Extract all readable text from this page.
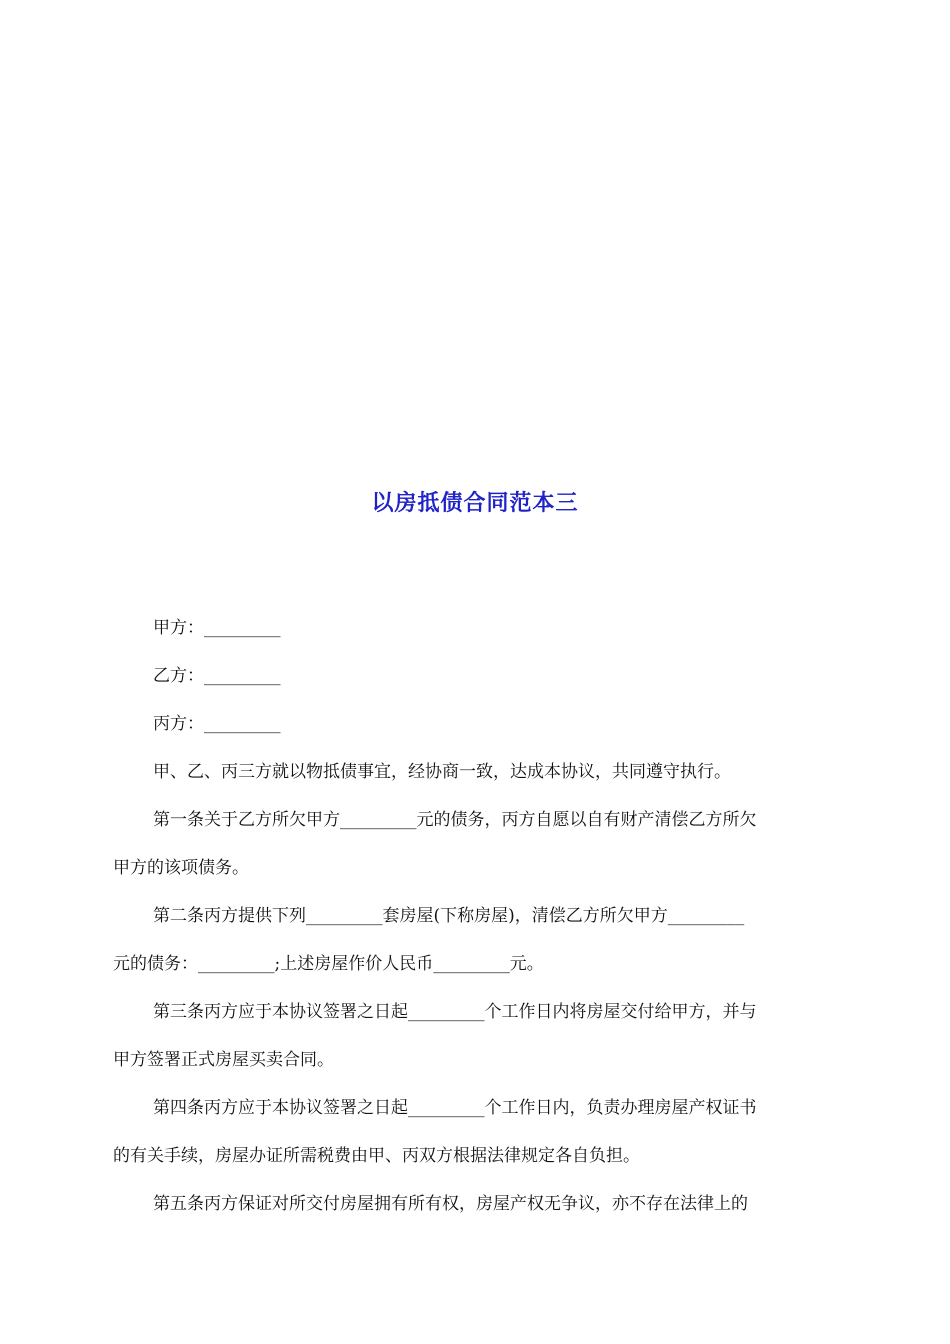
以房抵债合同范本三
甲方：_________
乙方：_________
丙方：_________
甲、乙、丙三方就以物抵债事宜，经协商一致，达成本协议，共同遵守执行。
第一条关于乙方所欠甲方_________元的债务，丙方自愿以自有财产清偿乙方所欠
甲方的该项债务。
第二条丙方提供下列_________套房屋(下称房屋)，清偿乙方所欠甲方_________
元的债务：_________;上述房屋作价人民币_________元。
第三条丙方应于本协议签署之日起_________个工作日内将房屋交付给甲方，并与
甲方签署正式房屋买卖合同。
第四条丙方应于本协议签署之日起_________个工作日内，负责办理房屋产权证书
的有关手续，房屋办证所需税费由甲、丙双方根据法律规定各自负担。
第五条丙方保证对所交付房屋拥有所有权，房屋产权无争议，亦不存在法律上的
